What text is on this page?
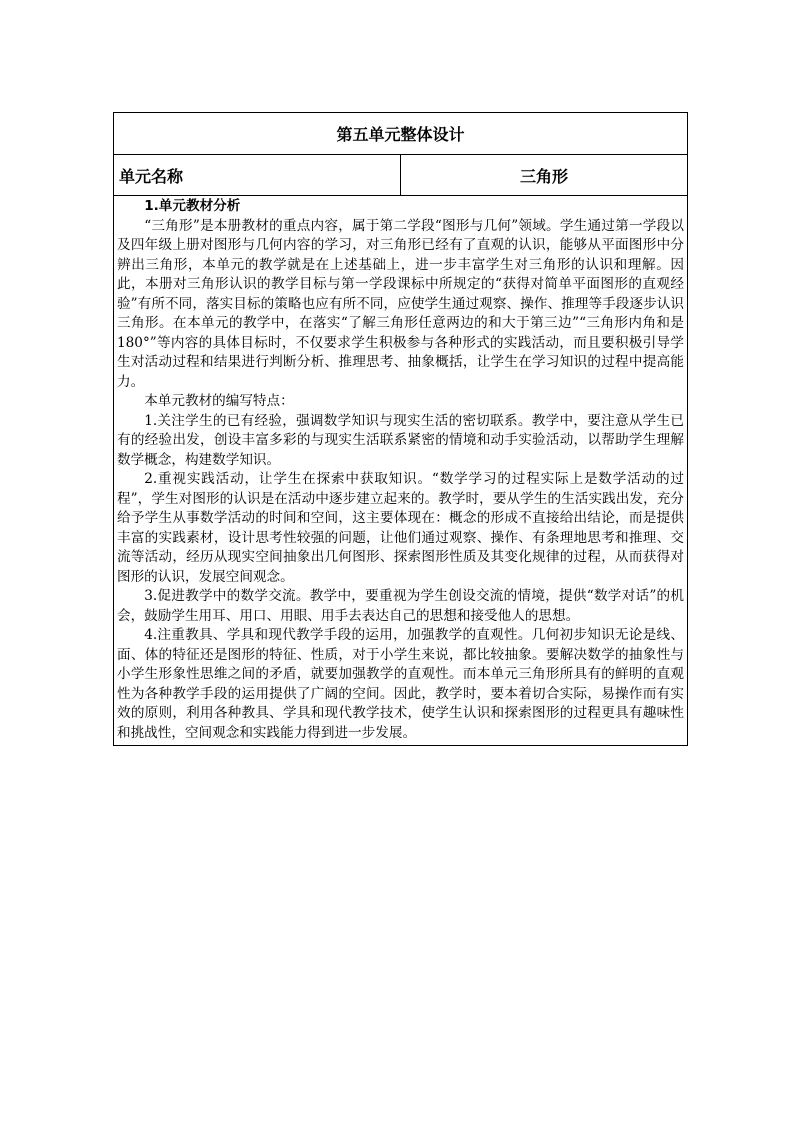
第五单元整体设计
单元名称	三角形

1.单元教材分析

“三角形”是本册教材的重点内容，属于第二学段“图形与几何”领域。学生通过第一学段以及四年级上册对图形与几何内容的学习，对三角形已经有了直观的认识，能够从平面图形中分辨出三角形，本单元的教学就是在上述基础上，进一步丰富学生对三角形的认识和理解。因此，本册对三角形认识的教学目标与第一学段课标中所规定的“获得对简单平面图形的直观经验”有所不同，落实目标的策略也应有所不同，应使学生通过观察、操作、推理等手段逐步认识三角形。在本单元的教学中，在落实“了解三角形任意两边的和大于第三边”“三角形内角和是180°”等内容的具体目标时，不仅要求学生积极参与各种形式的实践活动，而且要积极引导学生对活动过程和结果进行判断分析、推理思考、抽象概括，让学生在学习知识的过程中提高能力。

本单元教材的编写特点：

1.关注学生的已有经验，强调数学知识与现实生活的密切联系。教学中，要注意从学生已有的经验出发，创设丰富多彩的与现实生活联系紧密的情境和动手实验活动，以帮助学生理解数学概念，构建数学知识。

2.重视实践活动，让学生在探索中获取知识。“数学学习的过程实际上是数学活动的过程”，学生对图形的认识是在活动中逐步建立起来的。教学时，要从学生的生活实践出发，充分给予学生从事数学活动的时间和空间，这主要体现在：概念的形成不直接给出结论，而是提供丰富的实践素材，设计思考性较强的问题，让他们通过观察、操作、有条理地思考和推理、交流等活动，经历从现实空间抽象出几何图形、探索图形性质及其变化规律的过程，从而获得对图形的认识，发展空间观念。

3.促进教学中的数学交流。教学中，要重视为学生创设交流的情境，提供“数学对话”的机会，鼓励学生用耳、用口、用眼、用手去表达自己的思想和接受他人的思想。

4.注重教具、学具和现代教学手段的运用，加强教学的直观性。几何初步知识无论是线、面、体的特征还是图形的特征、性质，对于小学生来说，都比较抽象。要解决数学的抽象性与小学生形象性思维之间的矛盾，就要加强教学的直观性。而本单元三角形所具有的鲜明的直观性为各种教学手段的运用提供了广阔的空间。因此，教学时，要本着切合实际，易操作而有实效的原则，利用各种教具、学具和现代教学技术，使学生认识和探索图形的过程更具有趣味性和挑战性，空间观念和实践能力得到进一步发展。
